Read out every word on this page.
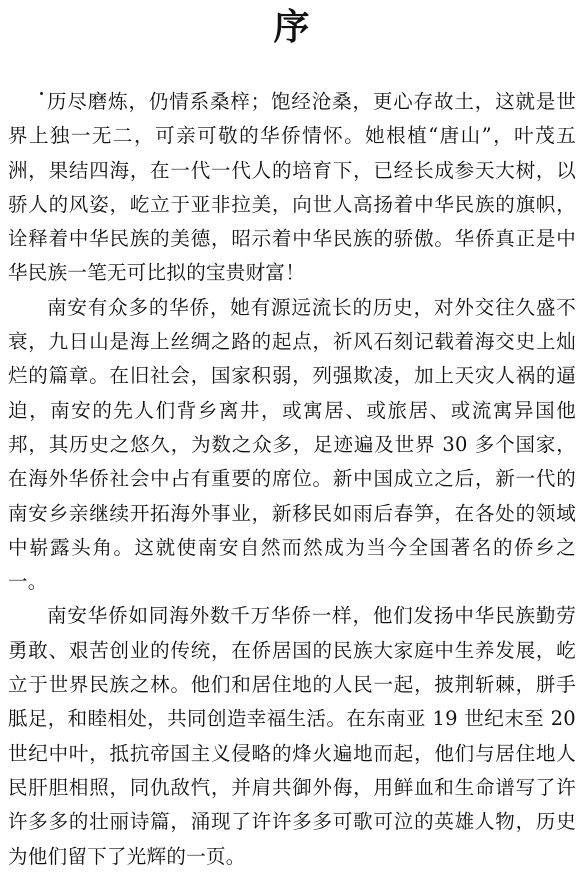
序

历尽磨炼，仍情系桑梓；饱经沧桑，更心存故土，这就是世界上独一无二，可亲可敬的华侨情怀。她根植“唐山”，叶茂五洲，果结四海，在一代一代人的培育下，已经长成参天大树，以骄人的风姿，屹立于亚非拉美，向世人高扬着中华民族的旗帜，诠释着中华民族的美德，昭示着中华民族的骄傲。华侨真正是中华民族一笔无可比拟的宝贵财富！

南安有众多的华侨，她有源远流长的历史，对外交往久盛不衰，九日山是海上丝绸之路的起点，祈风石刻记载着海交史上灿烂的篇章。在旧社会，国家积弱，列强欺凌，加上天灾人祸的逼迫，南安的先人们背乡离井，或寓居、或旅居、或流寓异国他邦，其历史之悠久，为数之众多，足迹遍及世界 30 多个国家，在海外华侨社会中占有重要的席位。新中国成立之后，新一代的南安乡亲继续开拓海外事业，新移民如雨后春笋，在各处的领域中崭露头角。这就使南安自然而然成为当今全国著名的侨乡之一。

南安华侨如同海外数千万华侨一样，他们发扬中华民族勤劳勇敢、艰苦创业的传统，在侨居国的民族大家庭中生养发展，屹立于世界民族之林。他们和居住地的人民一起，披荆斩棘，胼手胝足，和睦相处，共同创造幸福生活。在东南亚 19 世纪末至 20 世纪中叶，抵抗帝国主义侵略的烽火遍地而起，他们与居住地人民肝胆相照，同仇敌忾，并肩共御外侮，用鲜血和生命谱写了许许多多的壮丽诗篇，涌现了许许多多可歌可泣的英雄人物，历史为他们留下了光辉的一页。
